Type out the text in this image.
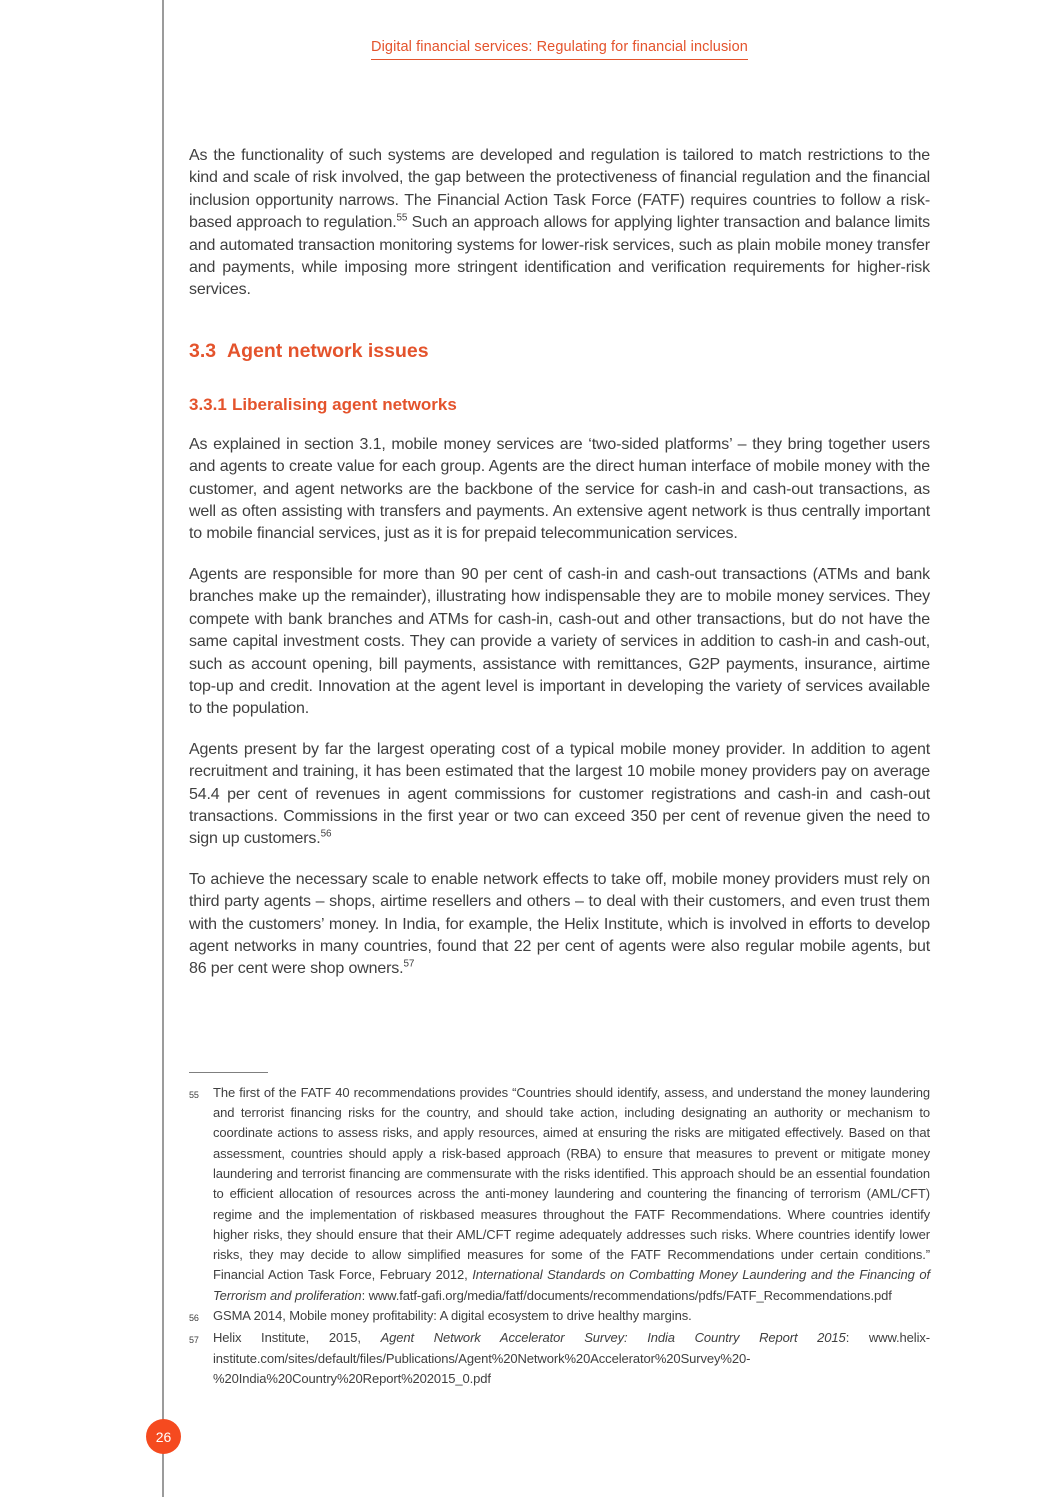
Digital financial services: Regulating for financial inclusion

As the functionality of such systems are developed and regulation is tailored to match restrictions to the kind and scale of risk involved, the gap between the protectiveness of financial regulation and the financial inclusion opportunity narrows. The Financial Action Task Force (FATF) requires countries to follow a risk-based approach to regulation.$^{55}$ Such an approach allows for applying lighter transaction and balance limits and automated transaction monitoring systems for lower-risk services, such as plain mobile money transfer and payments, while imposing more stringent identification and verification requirements for higher-risk services.

3.3 Agent network issues
3.3.1 Liberalising agent networks

As explained in section 3.1, mobile money services are ‘two-sided platforms’ – they bring together users and agents to create value for each group. Agents are the direct human interface of mobile money with the customer, and agent networks are the backbone of the service for cash-in and cash-out transactions, as well as often assisting with transfers and payments. An extensive agent network is thus centrally important to mobile financial services, just as it is for prepaid telecommunication services.

Agents are responsible for more than 90 per cent of cash-in and cash-out transactions (ATMs and bank branches make up the remainder), illustrating how indispensable they are to mobile money services. They compete with bank branches and ATMs for cash-in, cash-out and other transactions, but do not have the same capital investment costs. They can provide a variety of services in addition to cash-in and cash-out, such as account opening, bill payments, assistance with remittances, G2P payments, insurance, airtime top-up and credit. Innovation at the agent level is important in developing the variety of services available to the population.

Agents present by far the largest operating cost of a typical mobile money provider. In addition to agent recruitment and training, it has been estimated that the largest 10 mobile money providers pay on average 54.4 per cent of revenues in agent commissions for customer registrations and cash-in and cash-out transactions. Commissions in the first year or two can exceed 350 per cent of revenue given the need to sign up customers.$^{56}$

To achieve the necessary scale to enable network effects to take off, mobile money providers must rely on third party agents – shops, airtime resellers and others – to deal with their customers, and even trust them with the customers’ money. In India, for example, the Helix Institute, which is involved in efforts to develop agent networks in many countries, found that 22 per cent of agents were also regular mobile agents, but 86 per cent were shop owners.$^{57}$

55	The first of the FATF 40 recommendations provides “Countries should identify, assess, and understand the money laundering and terrorist financing risks for the country, and should take action, including designating an authority or mechanism to coordinate actions to assess risks, and apply resources, aimed at ensuring the risks are mitigated effectively. Based on that assessment, countries should apply a risk-based approach (RBA) to ensure that measures to prevent or mitigate money laundering and terrorist financing are commensurate with the risks identified. This approach should be an essential foundation to efficient allocation of resources across the anti-money laundering and countering the financing of terrorism (AML/CFT) regime and the implementation of riskbased measures throughout the FATF Recommendations. Where countries identify higher risks, they should ensure that their AML/CFT regime adequately addresses such risks. Where countries identify lower risks, they may decide to allow simplified measures for some of the FATF Recommendations under certain conditions.” Financial Action Task Force, February 2012, International Standards on Combatting Money Laundering and the Financing of Terrorism and proliferation: www.fatf-gafi.org/media/fatf/documents/recommendations/pdfs/FATF_Recommendations.pdf
56	GSMA 2014, Mobile money profitability: A digital ecosystem to drive healthy margins.
57	Helix Institute, 2015, Agent Network Accelerator Survey: India Country Report 2015: www.helix-institute.com/sites/default/files/Publications/Agent%20Network%20Accelerator%20Survey%20-%20India%20Country%20Report%202015_0.pdf
26
